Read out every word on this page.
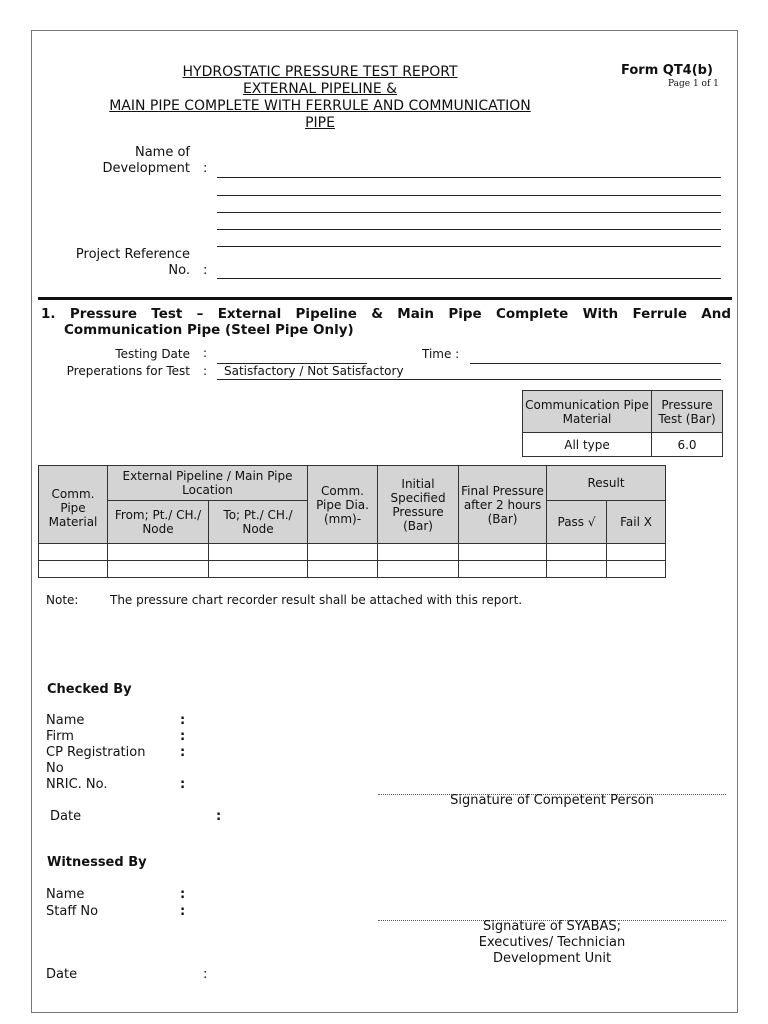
HYDROSTATIC PRESSURE TEST REPORT
EXTERNAL PIPELINE &
MAIN PIPE COMPLETE WITH FERRULE AND COMMUNICATION
PIPE
Form QT4(b)
Page 1 of 1
Name of
Development :
Project Reference
No. :
1. Pressure Test – External Pipeline & Main Pipe Complete With Ferrule And
Communication Pipe (Steel Pipe Only)
Testing Date :	Time :
Preperations for Test : Satisfactory / Not Satisfactory
Communication Pipe Material	Pressure Test (Bar)
All type	6.0
Comm. Pipe Material	External Pipeline / Main Pipe Location		Comm. Pipe Dia. (mm)-	Initial Specified Pressure (Bar)	Final Pressure after 2 hours (Bar)	Result	
	From; Pt./ CH./ Node	To; Pt./ CH./ Node				Pass √	Fail X

Note:	The pressure chart recorder result shall be attached with this report.
Checked By
Name	:
Firm	:
CP Registration	:
No
NRIC. No.	:
Signature of Competent Person
Date	:
Witnessed By
Name	:
Staff No	:
Signature of SYABAS;
Executives/ Technician
Development Unit
Date	:
